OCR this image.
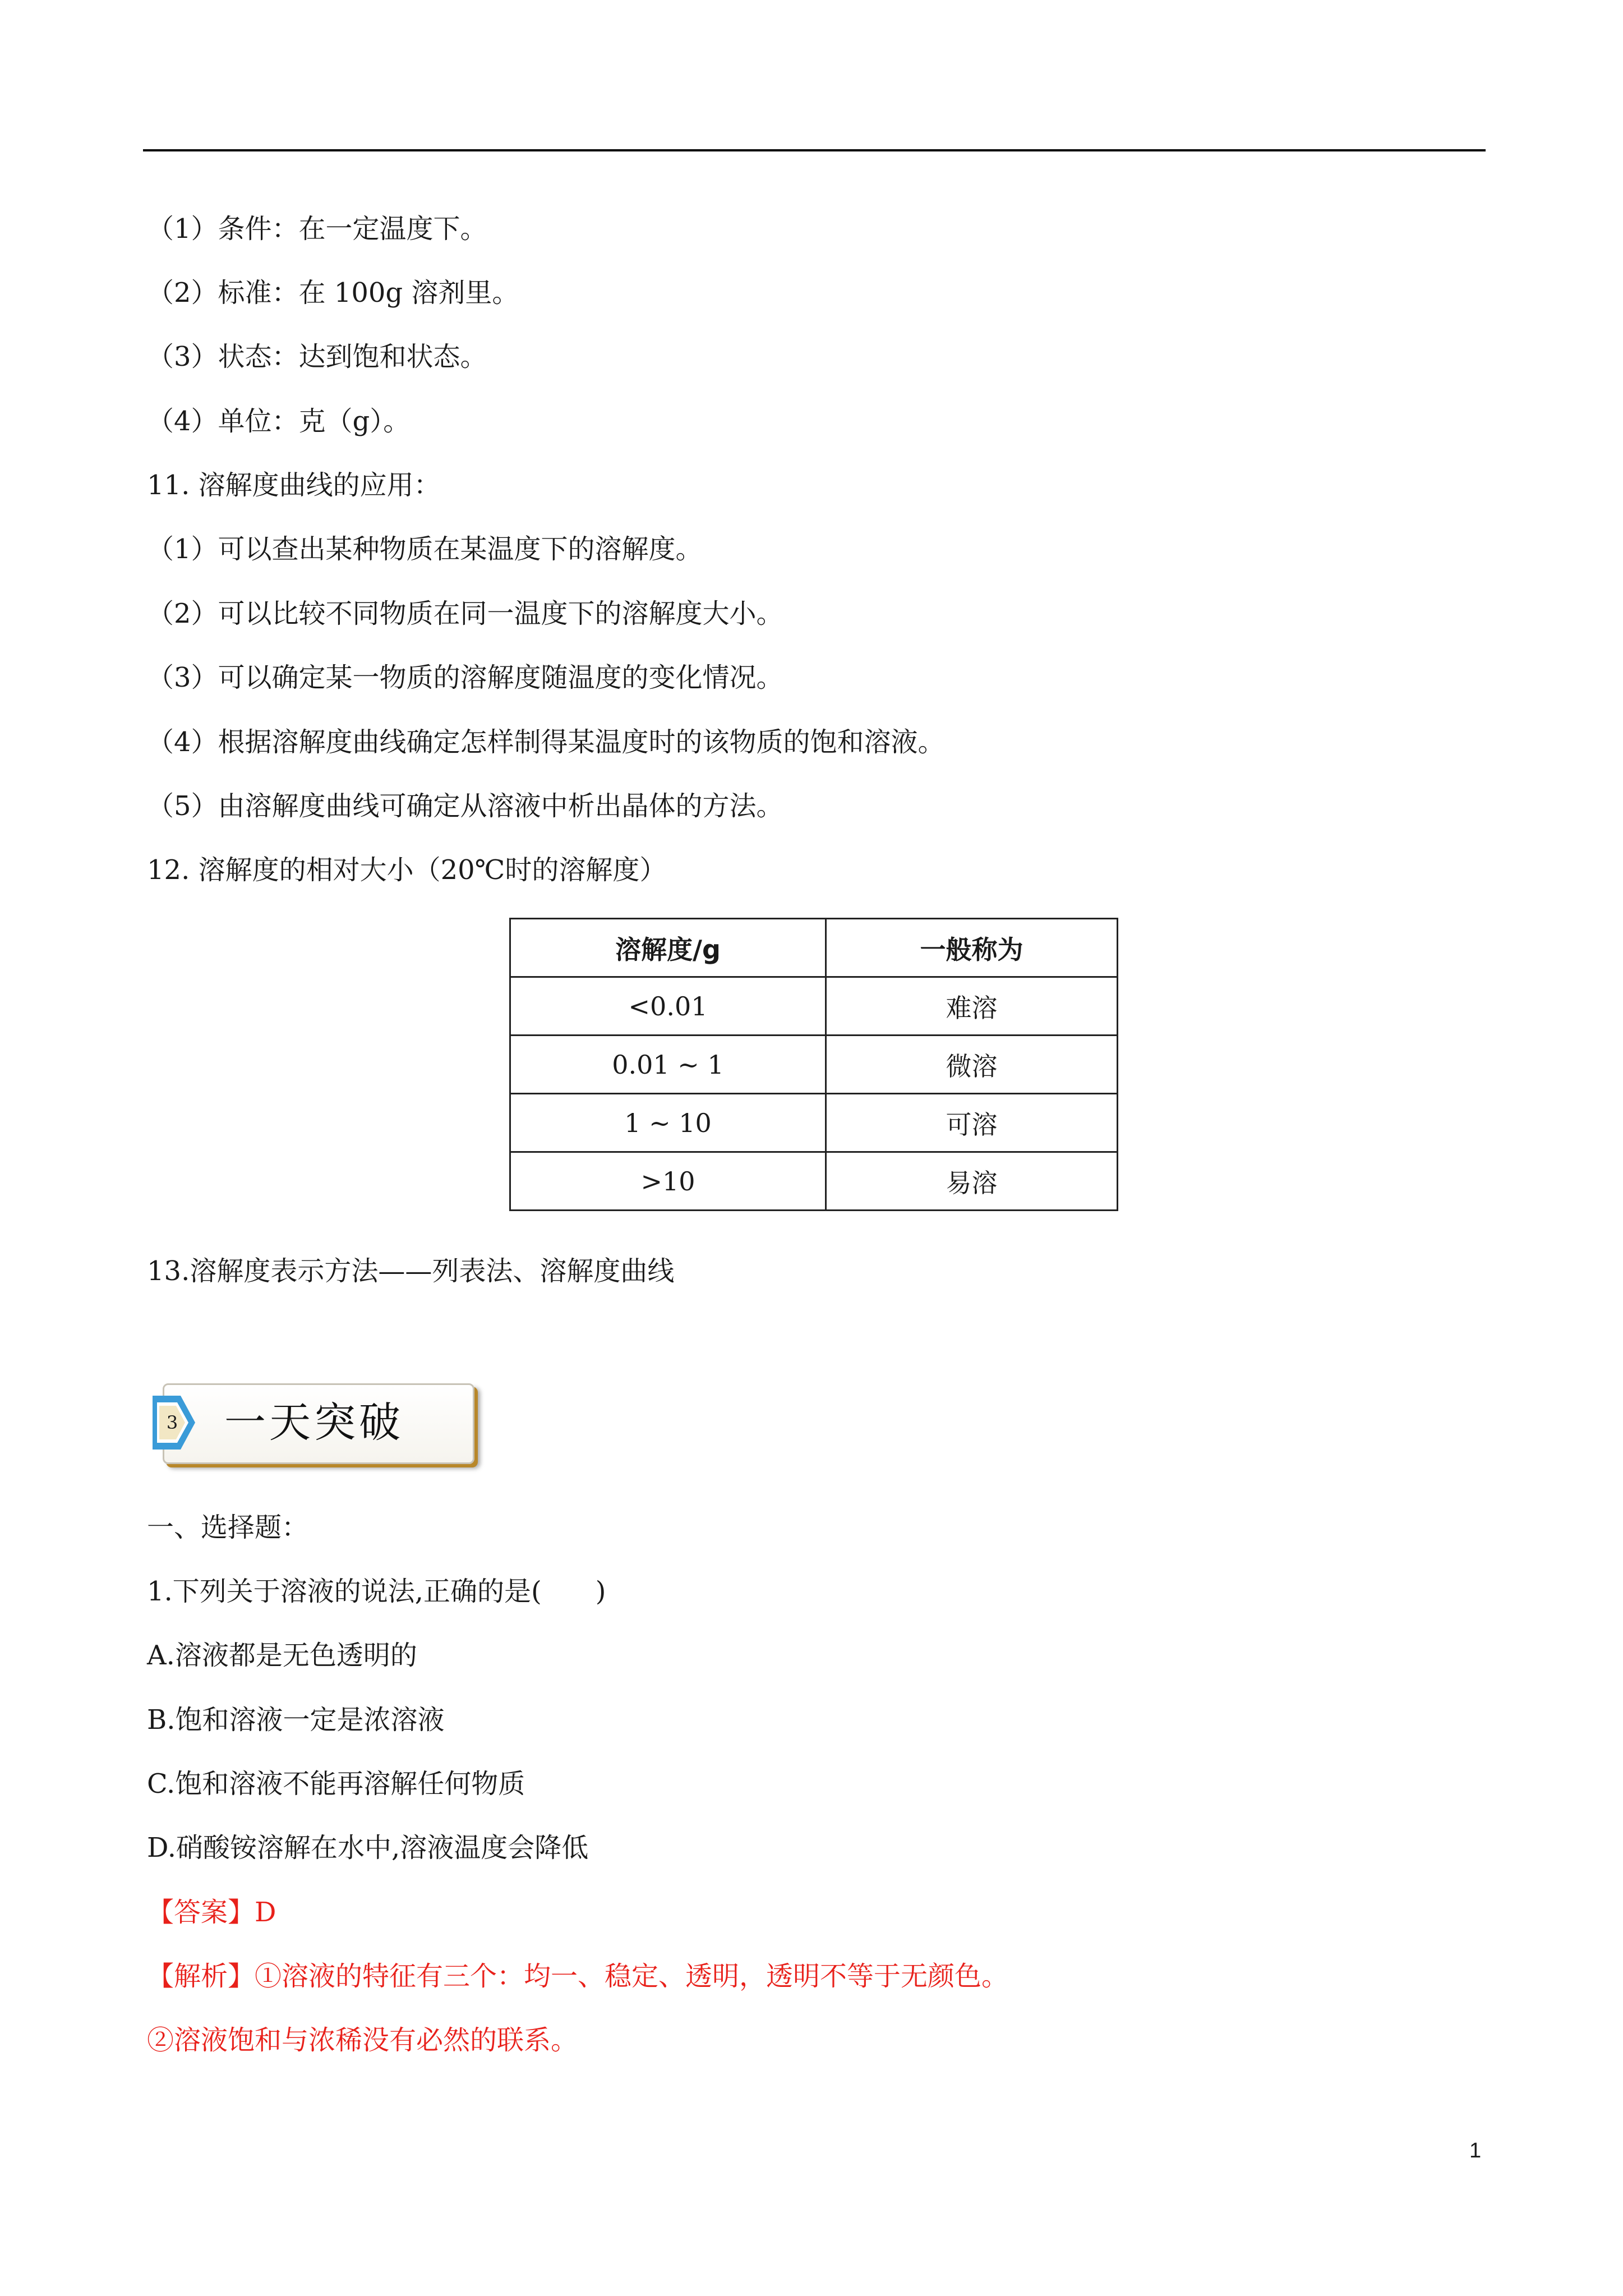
（1）条件：在一定温度下。
（2）标准：在 100g 溶剂里。
（3）状态：达到饱和状态。
（4）单位：克（g）。
11. 溶解度曲线的应用：
（1）可以查出某种物质在某温度下的溶解度。
（2）可以比较不同物质在同一温度下的溶解度大小。
（3）可以确定某一物质的溶解度随温度的变化情况。
（4）根据溶解度曲线确定怎样制得某温度时的该物质的饱和溶液。
（5）由溶解度曲线可确定从溶液中析出晶体的方法。
12. 溶解度的相对大小（20℃时的溶解度）
溶解度/g	一般称为
<0.01	难溶
0.01 ~ 1	微溶
1 ~ 10	可溶
>10	易溶
13.溶解度表示方法——列表法、溶解度曲线
3 一天突破
一、选择题：
1.下列关于溶液的说法,正确的是(　　)
A.溶液都是无色透明的
B.饱和溶液一定是浓溶液
C.饱和溶液不能再溶解任何物质
D.硝酸铵溶解在水中,溶液温度会降低
【答案】D
【解析】①溶液的特征有三个：均一、稳定、透明，透明不等于无颜色。
②溶液饱和与浓稀没有必然的联系。
1
